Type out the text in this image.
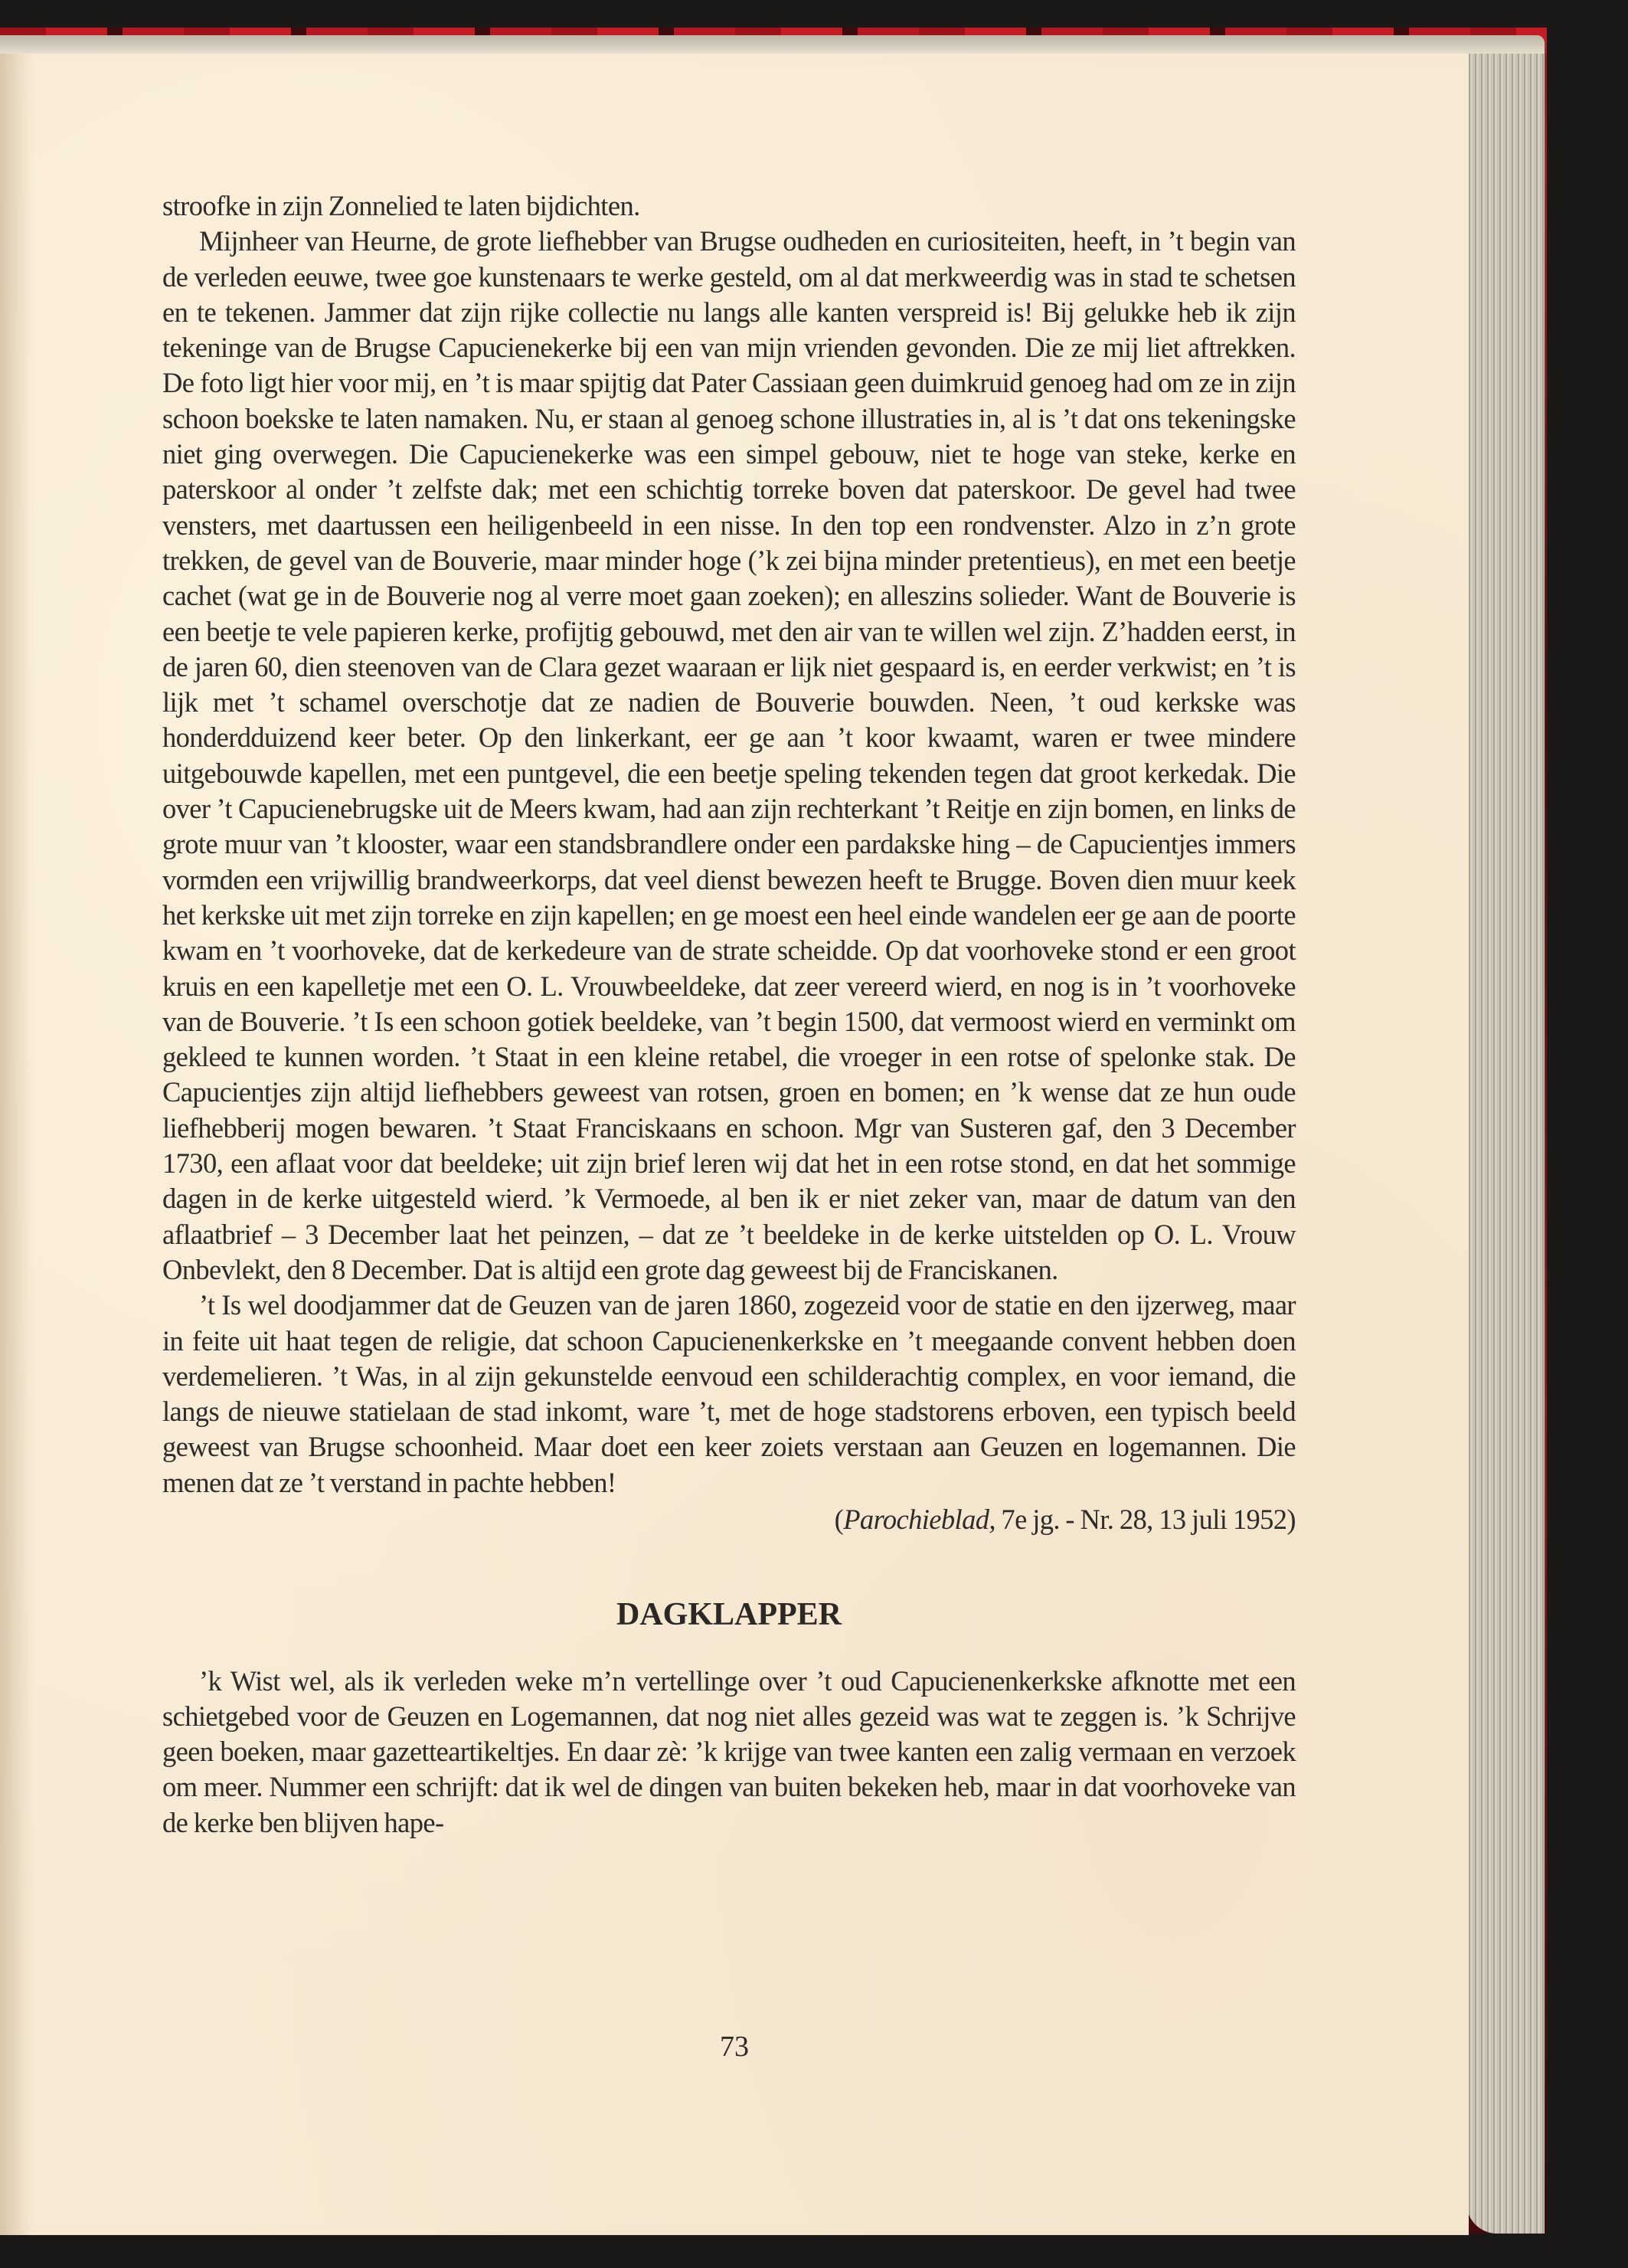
stroofke in zijn Zonnelied te laten bijdichten.

Mijnheer van Heurne, de grote liefhebber van Brugse oudheden en curiositeiten, heeft, in ’t begin van de verleden eeuwe, twee goe kunstenaars te werke gesteld, om al dat merkweerdig was in stad te schetsen en te tekenen. Jammer dat zijn rijke collectie nu langs alle kanten verspreid is! Bij gelukke heb ik zijn tekeninge van de Brugse Capucienekerke bij een van mijn vrienden gevonden. Die ze mij liet aftrekken. De foto ligt hier voor mij, en ’t is maar spijtig dat Pater Cassiaan geen duimkruid genoeg had om ze in zijn schoon boekske te laten namaken. Nu, er staan al genoeg schone illustraties in, al is ’t dat ons tekeningske niet ging overwegen. Die Capucienekerke was een simpel gebouw, niet te hoge van steke, kerke en paterskoor al onder ’t zelfste dak; met een schichtig torreke boven dat paterskoor. De gevel had twee vensters, met daartussen een heiligenbeeld in een nisse. In den top een rondvenster. Alzo in z’n grote trekken, de gevel van de Bouverie, maar minder hoge (’k zei bijna minder pretentieus), en met een beetje cachet (wat ge in de Bouverie nog al verre moet gaan zoeken); en alleszins solieder. Want de Bouverie is een beetje te vele papieren kerke, profijtig gebouwd, met den air van te willen wel zijn. Z’hadden eerst, in de jaren 60, dien steenoven van de Clara gezet waaraan er lijk niet gespaard is, en eerder verkwist; en ’t is lijk met ’t schamel overschotje dat ze nadien de Bouverie bouwden. Neen, ’t oud kerkske was honderdduizend keer beter. Op den linkerkant, eer ge aan ’t koor kwaamt, waren er twee mindere uitgebouwde kapellen, met een puntgevel, die een beetje speling tekenden tegen dat groot kerkedak. Die over ’t Capucienebrugske uit de Meers kwam, had aan zijn rechterkant ’t Reitje en zijn bomen, en links de grote muur van ’t klooster, waar een standsbrandlere onder een pardakske hing – de Capucientjes immers vormden een vrijwillig brandweerkorps, dat veel dienst bewezen heeft te Brugge. Boven dien muur keek het kerkske uit met zijn torreke en zijn kapellen; en ge moest een heel einde wandelen eer ge aan de poorte kwam en ’t voorhoveke, dat de kerkedeure van de strate scheidde. Op dat voorhoveke stond er een groot kruis en een kapelletje met een O. L. Vrouwbeeldeke, dat zeer vereerd wierd, en nog is in ’t voorhoveke van de Bouverie. ’t Is een schoon gotiek beeldeke, van ’t begin 1500, dat vermoost wierd en verminkt om gekleed te kunnen worden. ’t Staat in een kleine retabel, die vroeger in een rotse of spelonke stak. De Capucientjes zijn altijd liefhebbers geweest van rotsen, groen en bomen; en ’k wense dat ze hun oude liefhebberij mogen bewaren. ’t Staat Franciskaans en schoon. Mgr van Susteren gaf, den 3 December 1730, een aflaat voor dat beeldeke; uit zijn brief leren wij dat het in een rotse stond, en dat het sommige dagen in de kerke uitgesteld wierd. ’k Vermoede, al ben ik er niet zeker van, maar de datum van den aflaatbrief – 3 December laat het peinzen, – dat ze ’t beeldeke in de kerke uitstelden op O. L. Vrouw Onbevlekt, den 8 December. Dat is altijd een grote dag geweest bij de Franciskanen.

’t Is wel doodjammer dat de Geuzen van de jaren 1860, zogezeid voor de statie en den ijzerweg, maar in feite uit haat tegen de religie, dat schoon Capucienenkerkske en ’t meegaande convent hebben doen verdemelieren. ’t Was, in al zijn gekunstelde eenvoud een schilderachtig complex, en voor iemand, die langs de nieuwe statielaan de stad inkomt, ware ’t, met de hoge stadstorens erboven, een typisch beeld geweest van Brugse schoonheid. Maar doet een keer zoiets verstaan aan Geuzen en logemannen. Die menen dat ze ’t verstand in pachte hebben!

(Parochieblad, 7e jg. - Nr. 28, 13 juli 1952)

DAGKLAPPER

’k Wist wel, als ik verleden weke m’n vertellinge over ’t oud Capucienenkerkske afknotte met een schietgebed voor de Geuzen en Logemannen, dat nog niet alles gezeid was wat te zeggen is. ’k Schrijve geen boeken, maar gazetteartikeltjes. En daar zè: ’k krijge van twee kanten een zalig vermaan en verzoek om meer. Nummer een schrijft: dat ik wel de dingen van buiten bekeken heb, maar in dat voorhoveke van de kerke ben blijven hape-

73
